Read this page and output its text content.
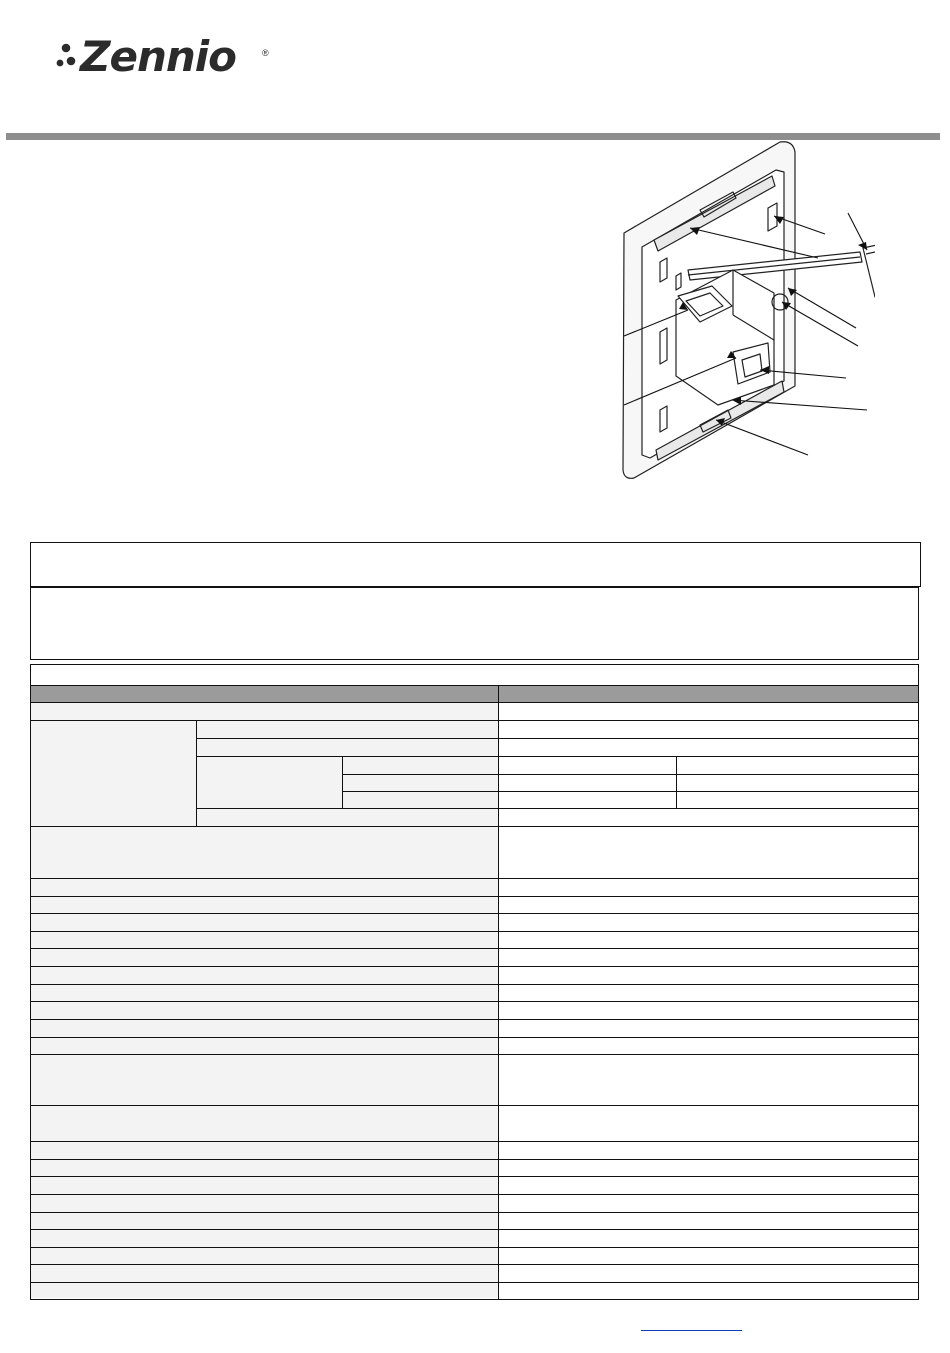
Zennio	®
